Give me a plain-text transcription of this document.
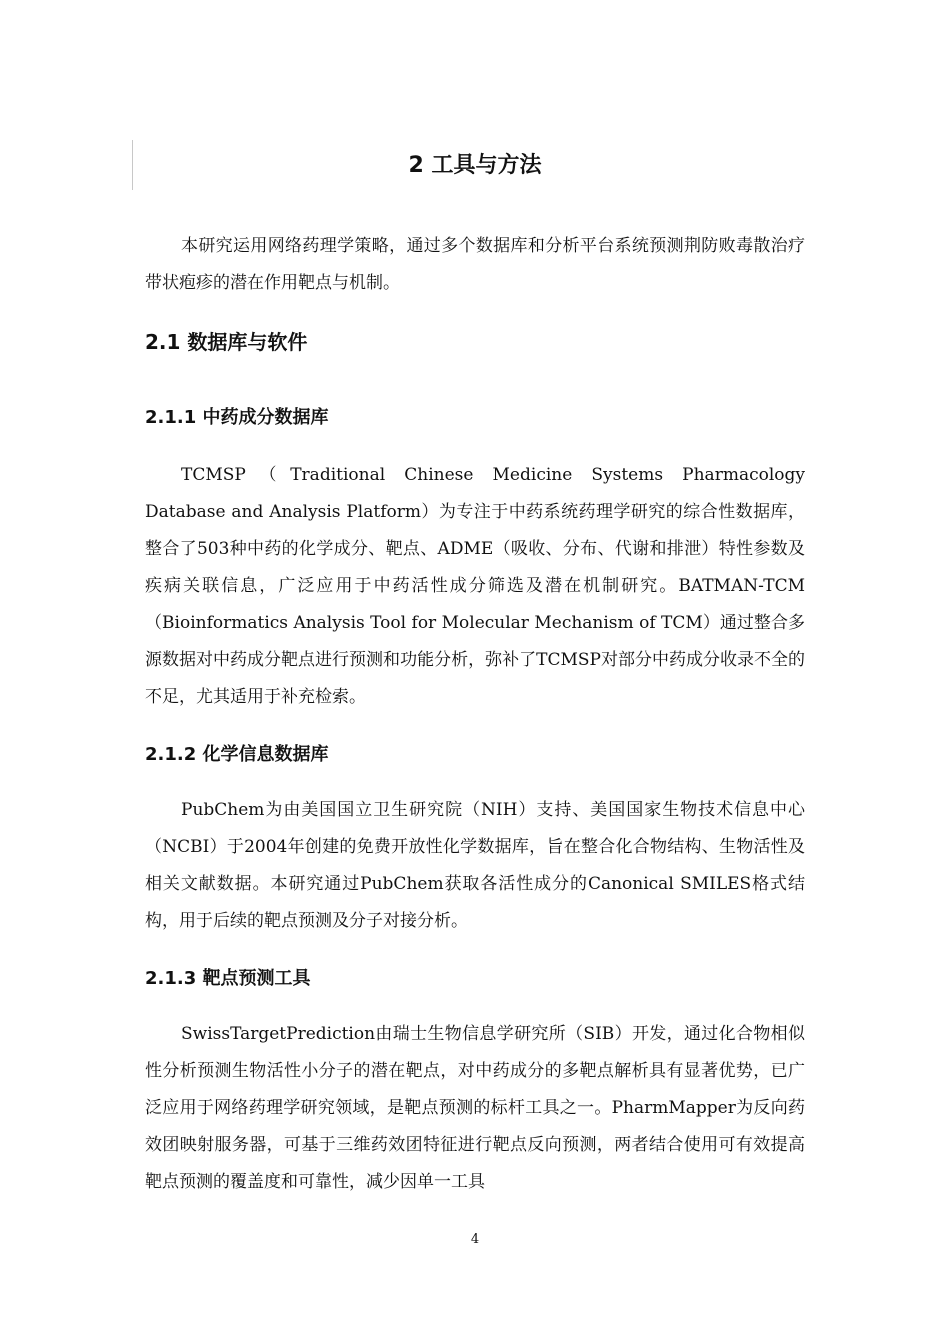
2 工具与方法

本研究运用网络药理学策略，通过多个数据库和分析平台系统预测荆防败毒散治疗带状疱疹的潜在作用靶点与机制。

2.1 数据库与软件
2.1.1 中药成分数据库

TCMSP（Traditional Chinese Medicine Systems Pharmacology Database and Analysis Platform）为专注于中药系统药理学研究的综合性数据库，整合了503种中药的化学成分、靶点、ADME（吸收、分布、代谢和排泄）特性参数及疾病关联信息，广泛应用于中药活性成分筛选及潜在机制研究。BATMAN-TCM（Bioinformatics Analysis Tool for Molecular Mechanism of TCM）通过整合多源数据对中药成分靶点进行预测和功能分析，弥补了TCMSP对部分中药成分收录不全的不足，尤其适用于补充检索。

2.1.2 化学信息数据库

PubChem为由美国国立卫生研究院（NIH）支持、美国国家生物技术信息中心（NCBI）于2004年创建的免费开放性化学数据库，旨在整合化合物结构、生物活性及相关文献数据。本研究通过PubChem获取各活性成分的Canonical SMILES格式结构，用于后续的靶点预测及分子对接分析。

2.1.3 靶点预测工具

SwissTargetPrediction由瑞士生物信息学研究所（SIB）开发，通过化合物相似性分析预测生物活性小分子的潜在靶点，对中药成分的多靶点解析具有显著优势，已广泛应用于网络药理学研究领域，是靶点预测的标杆工具之一。PharmMapper为反向药效团映射服务器，可基于三维药效团特征进行靶点反向预测，两者结合使用可有效提高靶点预测的覆盖度和可靠性，减少因单一工具

4
